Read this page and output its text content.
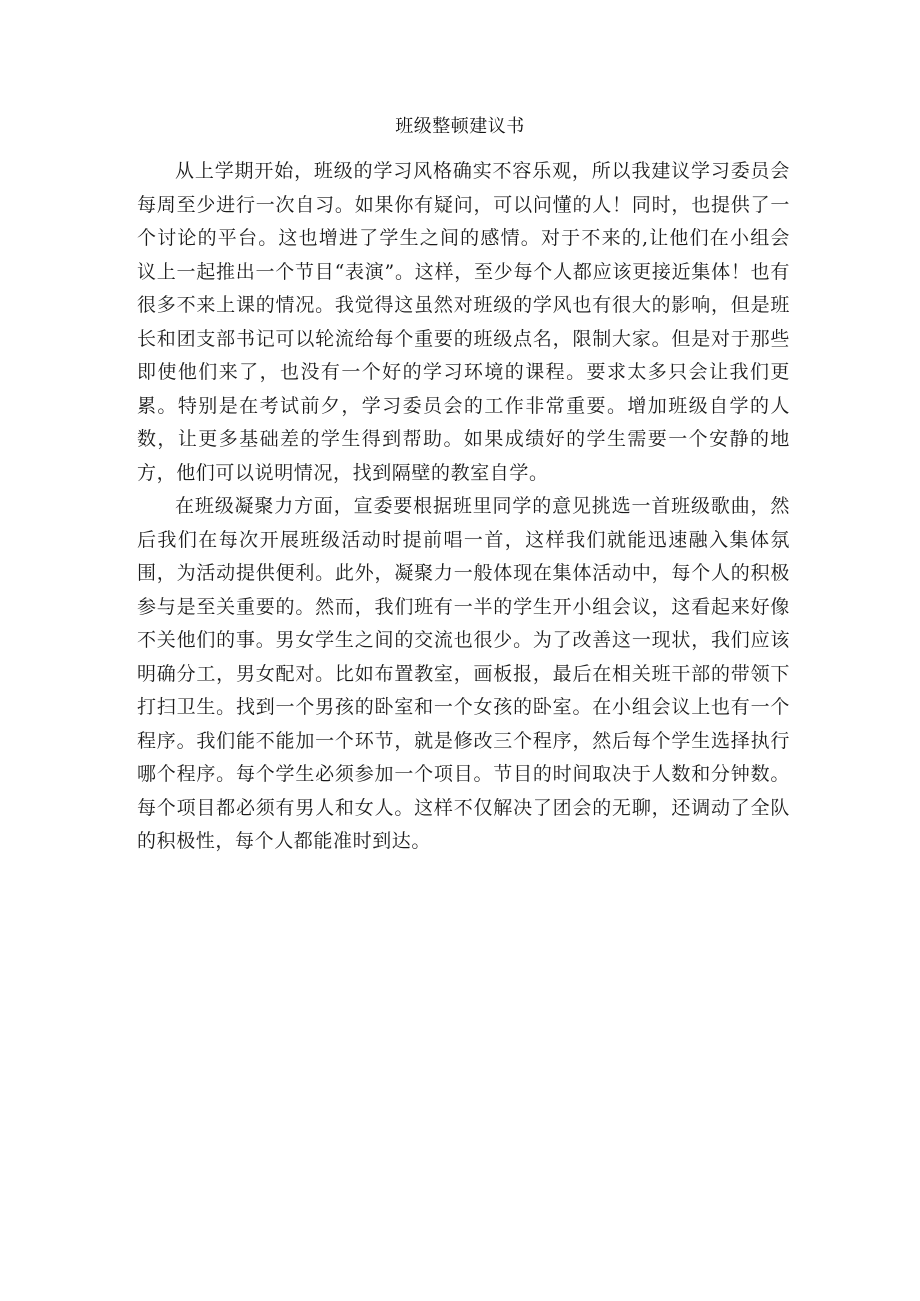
班级整顿建议书

从上学期开始，班级的学习风格确实不容乐观，所以我建议学习委员会每周至少进行一次自习。如果你有疑问，可以问懂的人！同时，也提供了一个讨论的平台。这也增进了学生之间的感情。对于不来的,让他们在小组会议上一起推出一个节目“表演”。这样，至少每个人都应该更接近集体！也有很多不来上课的情况。我觉得这虽然对班级的学风也有很大的影响，但是班长和团支部书记可以轮流给每个重要的班级点名，限制大家。但是对于那些即使他们来了，也没有一个好的学习环境的课程。要求太多只会让我们更累。特别是在考试前夕，学习委员会的工作非常重要。增加班级自学的人数，让更多基础差的学生得到帮助。如果成绩好的学生需要一个安静的地方，他们可以说明情况，找到隔壁的教室自学。

在班级凝聚力方面，宣委要根据班里同学的意见挑选一首班级歌曲，然后我们在每次开展班级活动时提前唱一首，这样我们就能迅速融入集体氛围，为活动提供便利。此外，凝聚力一般体现在集体活动中，每个人的积极参与是至关重要的。然而，我们班有一半的学生开小组会议，这看起来好像不关他们的事。男女学生之间的交流也很少。为了改善这一现状，我们应该明确分工，男女配对。比如布置教室，画板报，最后在相关班干部的带领下打扫卫生。找到一个男孩的卧室和一个女孩的卧室。在小组会议上也有一个程序。我们能不能加一个环节，就是修改三个程序，然后每个学生选择执行哪个程序。每个学生必须参加一个项目。节目的时间取决于人数和分钟数。每个项目都必须有男人和女人。这样不仅解决了团会的无聊，还调动了全队的积极性，每个人都能准时到达。
